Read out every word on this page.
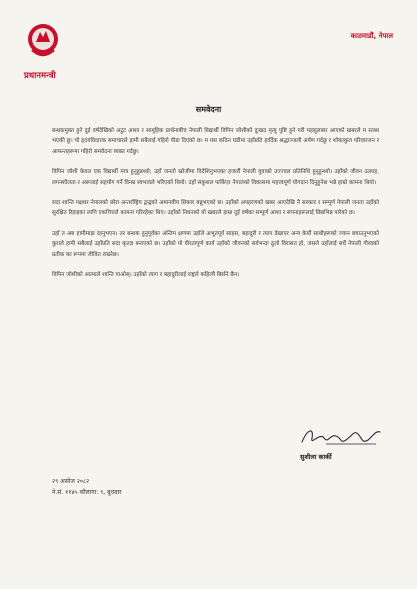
प्रधानमन्त्री
काठमाडौं, नेपाल
समवेदना

बन्धकमुक्त हुने दुई वर्षदेखिको अटुट आशा र सामूहिक प्रार्थनाबीच नेपाली विद्यार्थी विपिन जोशीको दुःखद मृत्यु पुष्टि हुने गरी महसुलबार आएको खबरले म स्तब्ध भएकी छु। यो हृदयविदारक समाचारले हामी सबैलाई गहिरो पीडा दिएको छ। म यस कठिन घडीमा उहाँप्रति हार्दिक श्रद्धाञ्जली अर्पण गर्दछु र शोकाकुल परिवारजन र आफन्तहरूमा गहिरो समवेदना व्यक्त गर्दछु।

विपिन जोशी केवल एक विद्यार्थी मात्र हुनुहुन्नथ्यो; उहाँ जनतो खोजीमा विदेशिनुभएका हजारौं नेपाली युवाको उज्ज्वल प्रतिनिधि हुनुहुन्थ्यो। उहाँको जीवन उत्साह, लगनशीलता र अरूलाई सहयोग गर्ने विनम्र स्वभावले भरिएको थियो। उहाँ सकुशल फर्किएर नेपालको विकासमा महत्त्वपूर्ण योगदान दिनुहुनेछ भन्ने हाम्रो कामना थियो।

सदा शान्ति पक्षधर नेपालको छोरा अन्तर्राष्ट्रिय द्वन्द्वको अमानवीय सिकार बन्नुभएको छ। उहाँको अपहरणको खबर आएदेखि नै सरकार र सम्पूर्ण नेपाली जनता उहाँको सुरक्षित रिहाइका लागि एकचित्तले कामना गरिरहेका थिए। उहाँको निधनको यो खबरले हाम्रा दुई वर्षका सम्पूर्ण आशा र सपनाहरूलाई छिन्नभिन्न पारेको छ।

उहाँ त अब हामीमाझ रहनुभएन। तर बन्धक हुनुपूर्वका अन्तिम क्षणमा उहाँले अभूतपूर्व साहस, बहादुरी र त्याग देखाएर अन्य केयौं साथीहरूको ज्यान बचाउनुभएको कुराले हामी सबैलाई उहाँप्रति सदा कृतज्ञ बनाएको छ। उहाँको यो वीरतापूर्ण कार्य उहाँको जीवनको सर्वभन्दा ठूलो विरासत हो, जसले उहाँलाई सधैं नेपाली गौरवको प्रतीक का रूपमा जीवित राख्नेछ।

विपिन जोशीको आत्माले शान्ति पाओस्। उहाँको त्याग र बहादुरीलाई राष्ट्रले कहिल्यै बिर्सने छैन।

सुशीला कार्की
२९ असोज २०८२
ने.सं. ११४५ कौलागा: ९, बुधवार
